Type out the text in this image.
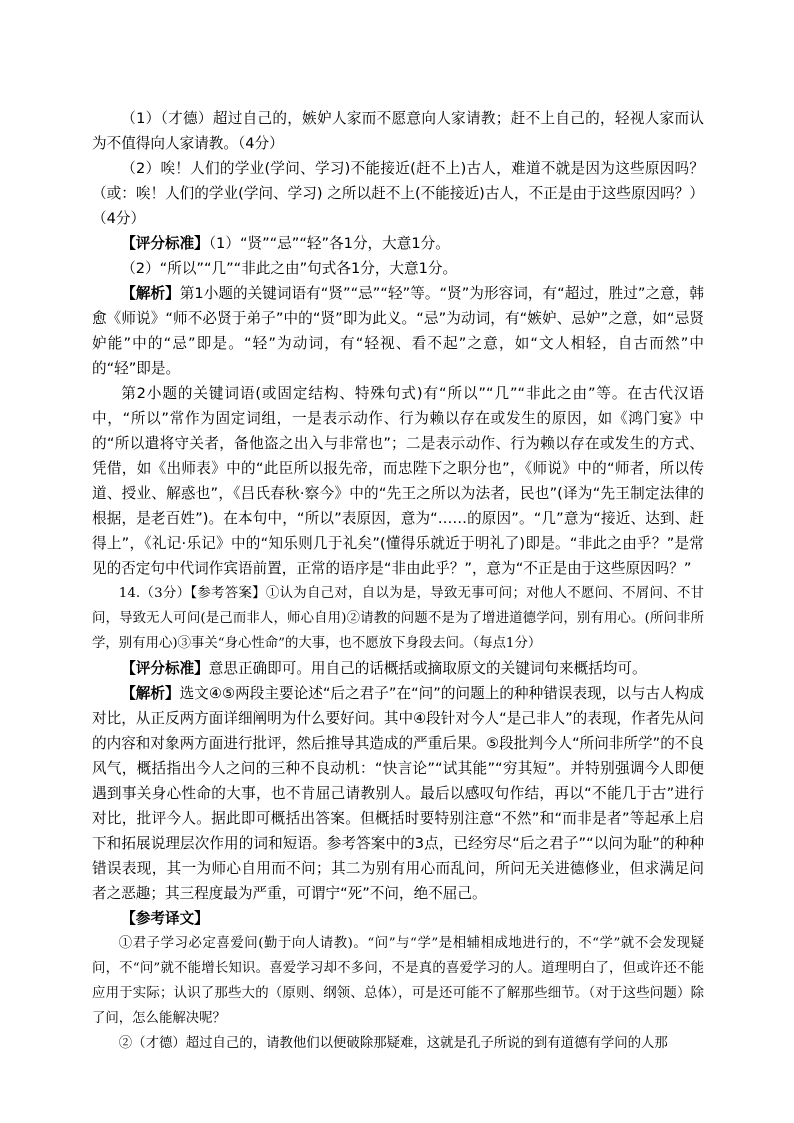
（1）（才德）超过自己的，嫉妒人家而不愿意向人家请教；赶不上自己的，轻视人家而认为不值得向人家请教。（4分）

（2）唉！人们的学业(学问、学习)不能接近(赶不上)古人，难道不就是因为这些原因吗？（或：唉！人们的学业(学问、学习) 之所以赶不上(不能接近)古人，不正是由于这些原因吗？）（4分）

【评分标准】（1）“贤”“忌”“轻”各1分，大意1分。

（2）“所以”“几”“非此之由”句式各1分，大意1分。

【解析】第1小题的关键词语有“贤”“忌”“轻”等。“贤”为形容词，有“超过，胜过”之意，韩愈《师说》“师不必贤于弟子”中的“贤”即为此义。“忌”为动词，有“嫉妒、忌妒”之意，如“忌贤妒能”中的“忌”即是。“轻”为动词，有“轻视、看不起”之意，如“文人相轻，自古而然”中的“轻”即是。

第2小题的关键词语(或固定结构、特殊句式)有“所以”“几”“非此之由”等。在古代汉语中，“所以”常作为固定词组，一是表示动作、行为赖以存在或发生的原因，如《鸿门宴》中的“所以遣将守关者，备他盗之出入与非常也”；二是表示动作、行为赖以存在或发生的方式、凭借，如《出师表》中的“此臣所以报先帝，而忠陛下之职分也”，《师说》中的“师者，所以传道、授业、解惑也”，《吕氏春秋·察今》中的“先王之所以为法者，民也”(译为“先王制定法律的根据，是老百姓”)。在本句中，“所以”表原因，意为“……的原因”。“几”意为“接近、达到、赶得上”，《礼记·乐记》中的“知乐则几于礼矣”(懂得乐就近于明礼了)即是。“非此之由乎？”是常见的否定句中代词作宾语前置，正常的语序是“非由此乎？”，意为“不正是由于这些原因吗？”

14.（3分）【参考答案】①认为自己对，自以为是，导致无事可问；对他人不愿问、不屑问、不甘问，导致无人可问(是己而非人，师心自用)②请教的问题不是为了增进道德学问，别有用心。(所问非所学，别有用心)③事关“身心性命”的大事，也不愿放下身段去问。（每点1分）

【评分标准】意思正确即可。用自己的话概括或摘取原文的关键词句来概括均可。

【解析】选文④⑤两段主要论述“后之君子”在“问”的问题上的种种错误表现，以与古人构成对比，从正反两方面详细阐明为什么要好问。其中④段针对今人“是己非人”的表现，作者先从问的内容和对象两方面进行批评，然后推导其造成的严重后果。⑤段批判今人“所问非所学”的不良风气，概括指出今人之问的三种不良动机：“快言论”“试其能”“穷其短”。并特别强调今人即便遇到事关身心性命的大事，也不肯屈己请教别人。最后以感叹句作结，再以“不能几于古”进行对比，批评今人。据此即可概括出答案。但概括时要特别注意“不然”和“而非是者”等起承上启下和拓展说理层次作用的词和短语。参考答案中的3点，已经穷尽“后之君子”“以问为耻”的种种错误表现，其一为师心自用而不问；其二为别有用心而乱问，所问无关进德修业，但求满足问者之恶趣；其三程度最为严重，可谓宁“死”不问，绝不屈己。

【参考译文】

①君子学习必定喜爱问(勤于向人请教)。“问”与“学”是相辅相成地进行的，不“学”就不会发现疑问，不“问”就不能增长知识。喜爱学习却不多问，不是真的喜爱学习的人。道理明白了，但或许还不能应用于实际；认识了那些大的（原则、纲领、总体），可是还可能不了解那些细节。（对于这些问题）除了问，怎么能解决呢？

②（才德）超过自己的，请教他们以便破除那疑难，这就是孔子所说的到有道德有学问的人那
